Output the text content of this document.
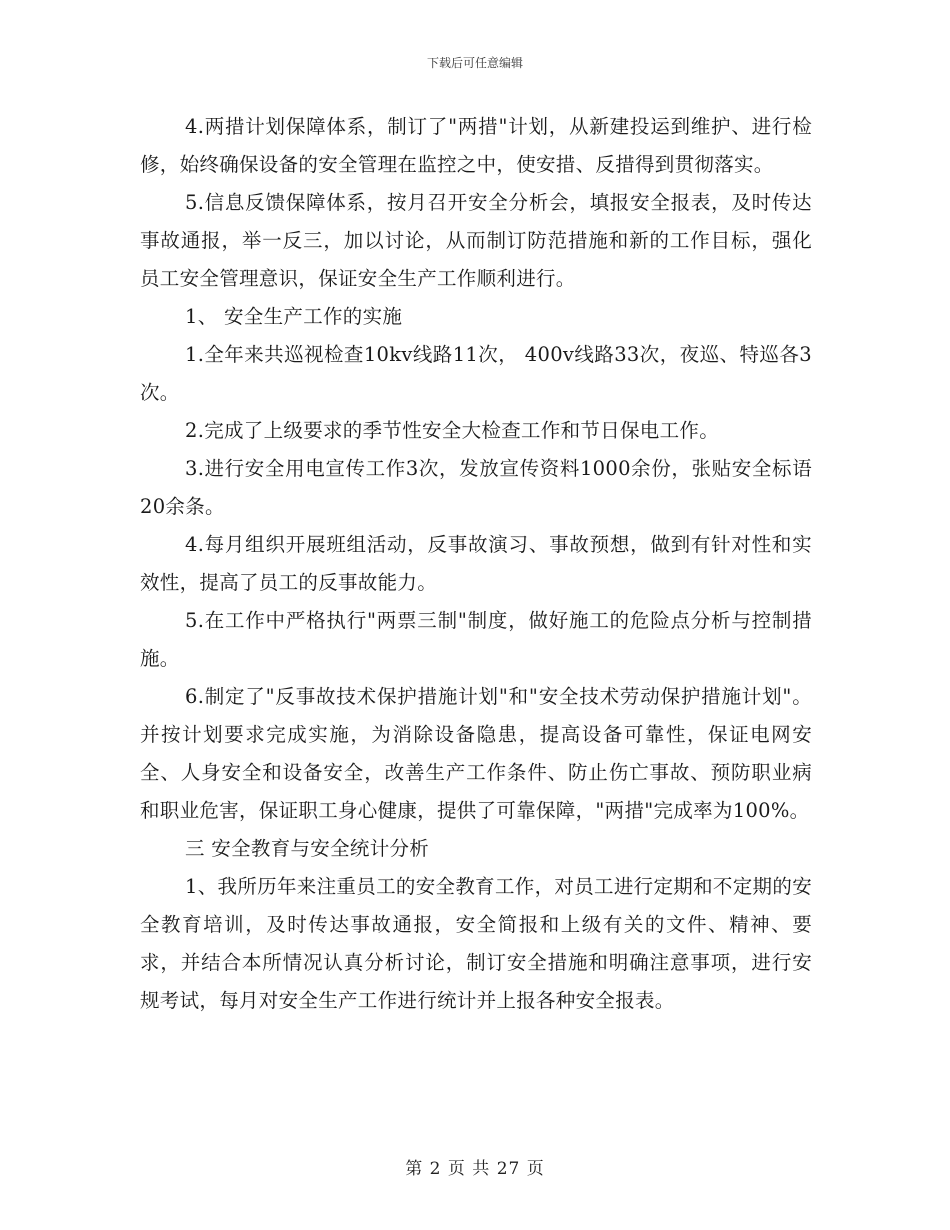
下载后可任意编辑

4.两措计划保障体系，制订了"两措"计划，从新建投运到维护、进行检修，始终确保设备的安全管理在监控之中，使安措、反措得到贯彻落实。

5.信息反馈保障体系，按月召开安全分析会，填报安全报表，及时传达事故通报，举一反三，加以讨论，从而制订防范措施和新的工作目标，强化员工安全管理意识，保证安全生产工作顺利进行。

1、 安全生产工作的实施

1.全年来共巡视检查10kv线路11次， 400v线路33次，夜巡、特巡各3次。

2.完成了上级要求的季节性安全大检查工作和节日保电工作。

3.进行安全用电宣传工作3次，发放宣传资料1000余份，张贴安全标语20余条。

4.每月组织开展班组活动，反事故演习、事故预想，做到有针对性和实效性，提高了员工的反事故能力。

5.在工作中严格执行"两票三制"制度，做好施工的危险点分析与控制措施。

6.制定了"反事故技术保护措施计划"和"安全技术劳动保护措施计划"。并按计划要求完成实施，为消除设备隐患，提高设备可靠性，保证电网安全、人身安全和设备安全，改善生产工作条件、防止伤亡事故、预防职业病和职业危害，保证职工身心健康，提供了可靠保障，"两措"完成率为100%。

三 安全教育与安全统计分析

1、我所历年来注重员工的安全教育工作，对员工进行定期和不定期的安全教育培训，及时传达事故通报，安全简报和上级有关的文件、精神、要求，并结合本所情况认真分析讨论，制订安全措施和明确注意事项，进行安规考试，每月对安全生产工作进行统计并上报各种安全报表。

第 2 页 共 27 页
